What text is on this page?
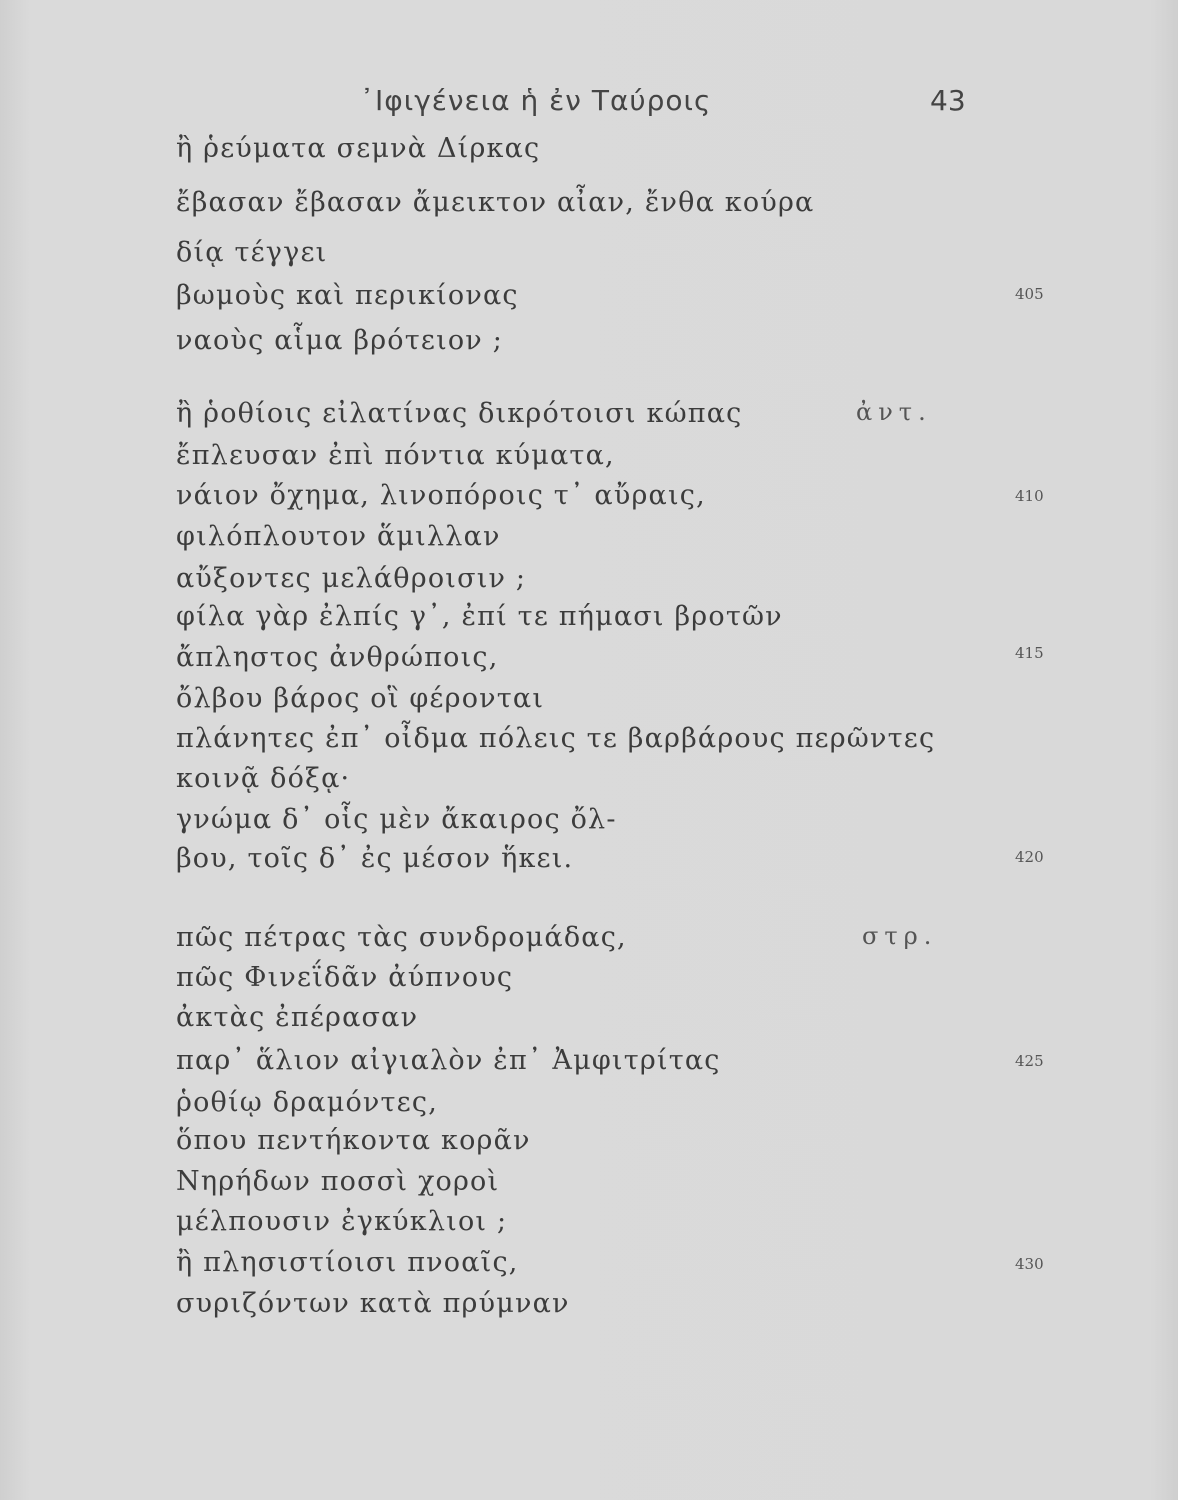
᾿Ιφιγένεια ἡ ἐν Ταύροις	43
ἢ ῥεύματα σεμνὰ Δίρκας
ἔβασαν ἔβασαν ἄμεικτον αἶαν, ἔνθα κούρα
δίᾳ τέγγει
βωμοὺς καὶ περικίονας
ναοὺς αἷμα βρότειον ;
405
ἢ ῥοθίοις εἰλατίνας δικρότοισι κώπας	ἀντ.
ἔπλευσαν ἐπὶ πόντια κύματα,
νάιον ὄχημα, λινοπόροις τ᾿ αὔραις,	410
φιλόπλουτον ἅμιλλαν
αὔξοντες μελάθροισιν ;
φίλα γὰρ ἐλπίς γ᾿, ἐπί τε πήμασι βροτῶν
ἄπληστος ἀνθρώποις,	415
ὄλβου βάρος οἳ φέρονται
πλάνητες ἐπ᾿ οἶδμα πόλεις τε βαρβάρους περῶντες
κοινᾷ δόξᾳ·
γνώμα δ᾿ οἷς μὲν ἄκαιρος ὄλ-
βου, τοῖς δ᾿ ἐς μέσον ἥκει.	420
πῶς πέτρας τὰς συνδρομάδας,	στρ.
πῶς Φινεΐδᾶν ἀύπνους
ἀκτὰς ἐπέρασαν
παρ᾿ ἅλιον αἰγιαλὸν ἐπ᾿ Ἀμφιτρίτας	425
ῥοθίῳ δραμόντες,
ὅπου πεντήκοντα κορᾶν
Νηρήδων ποσσὶ χοροὶ
μέλπουσιν ἐγκύκλιοι ;
ἢ πλησιστίοισι πνοαῖς,	430
συριζόντων κατὰ πρύμναν
